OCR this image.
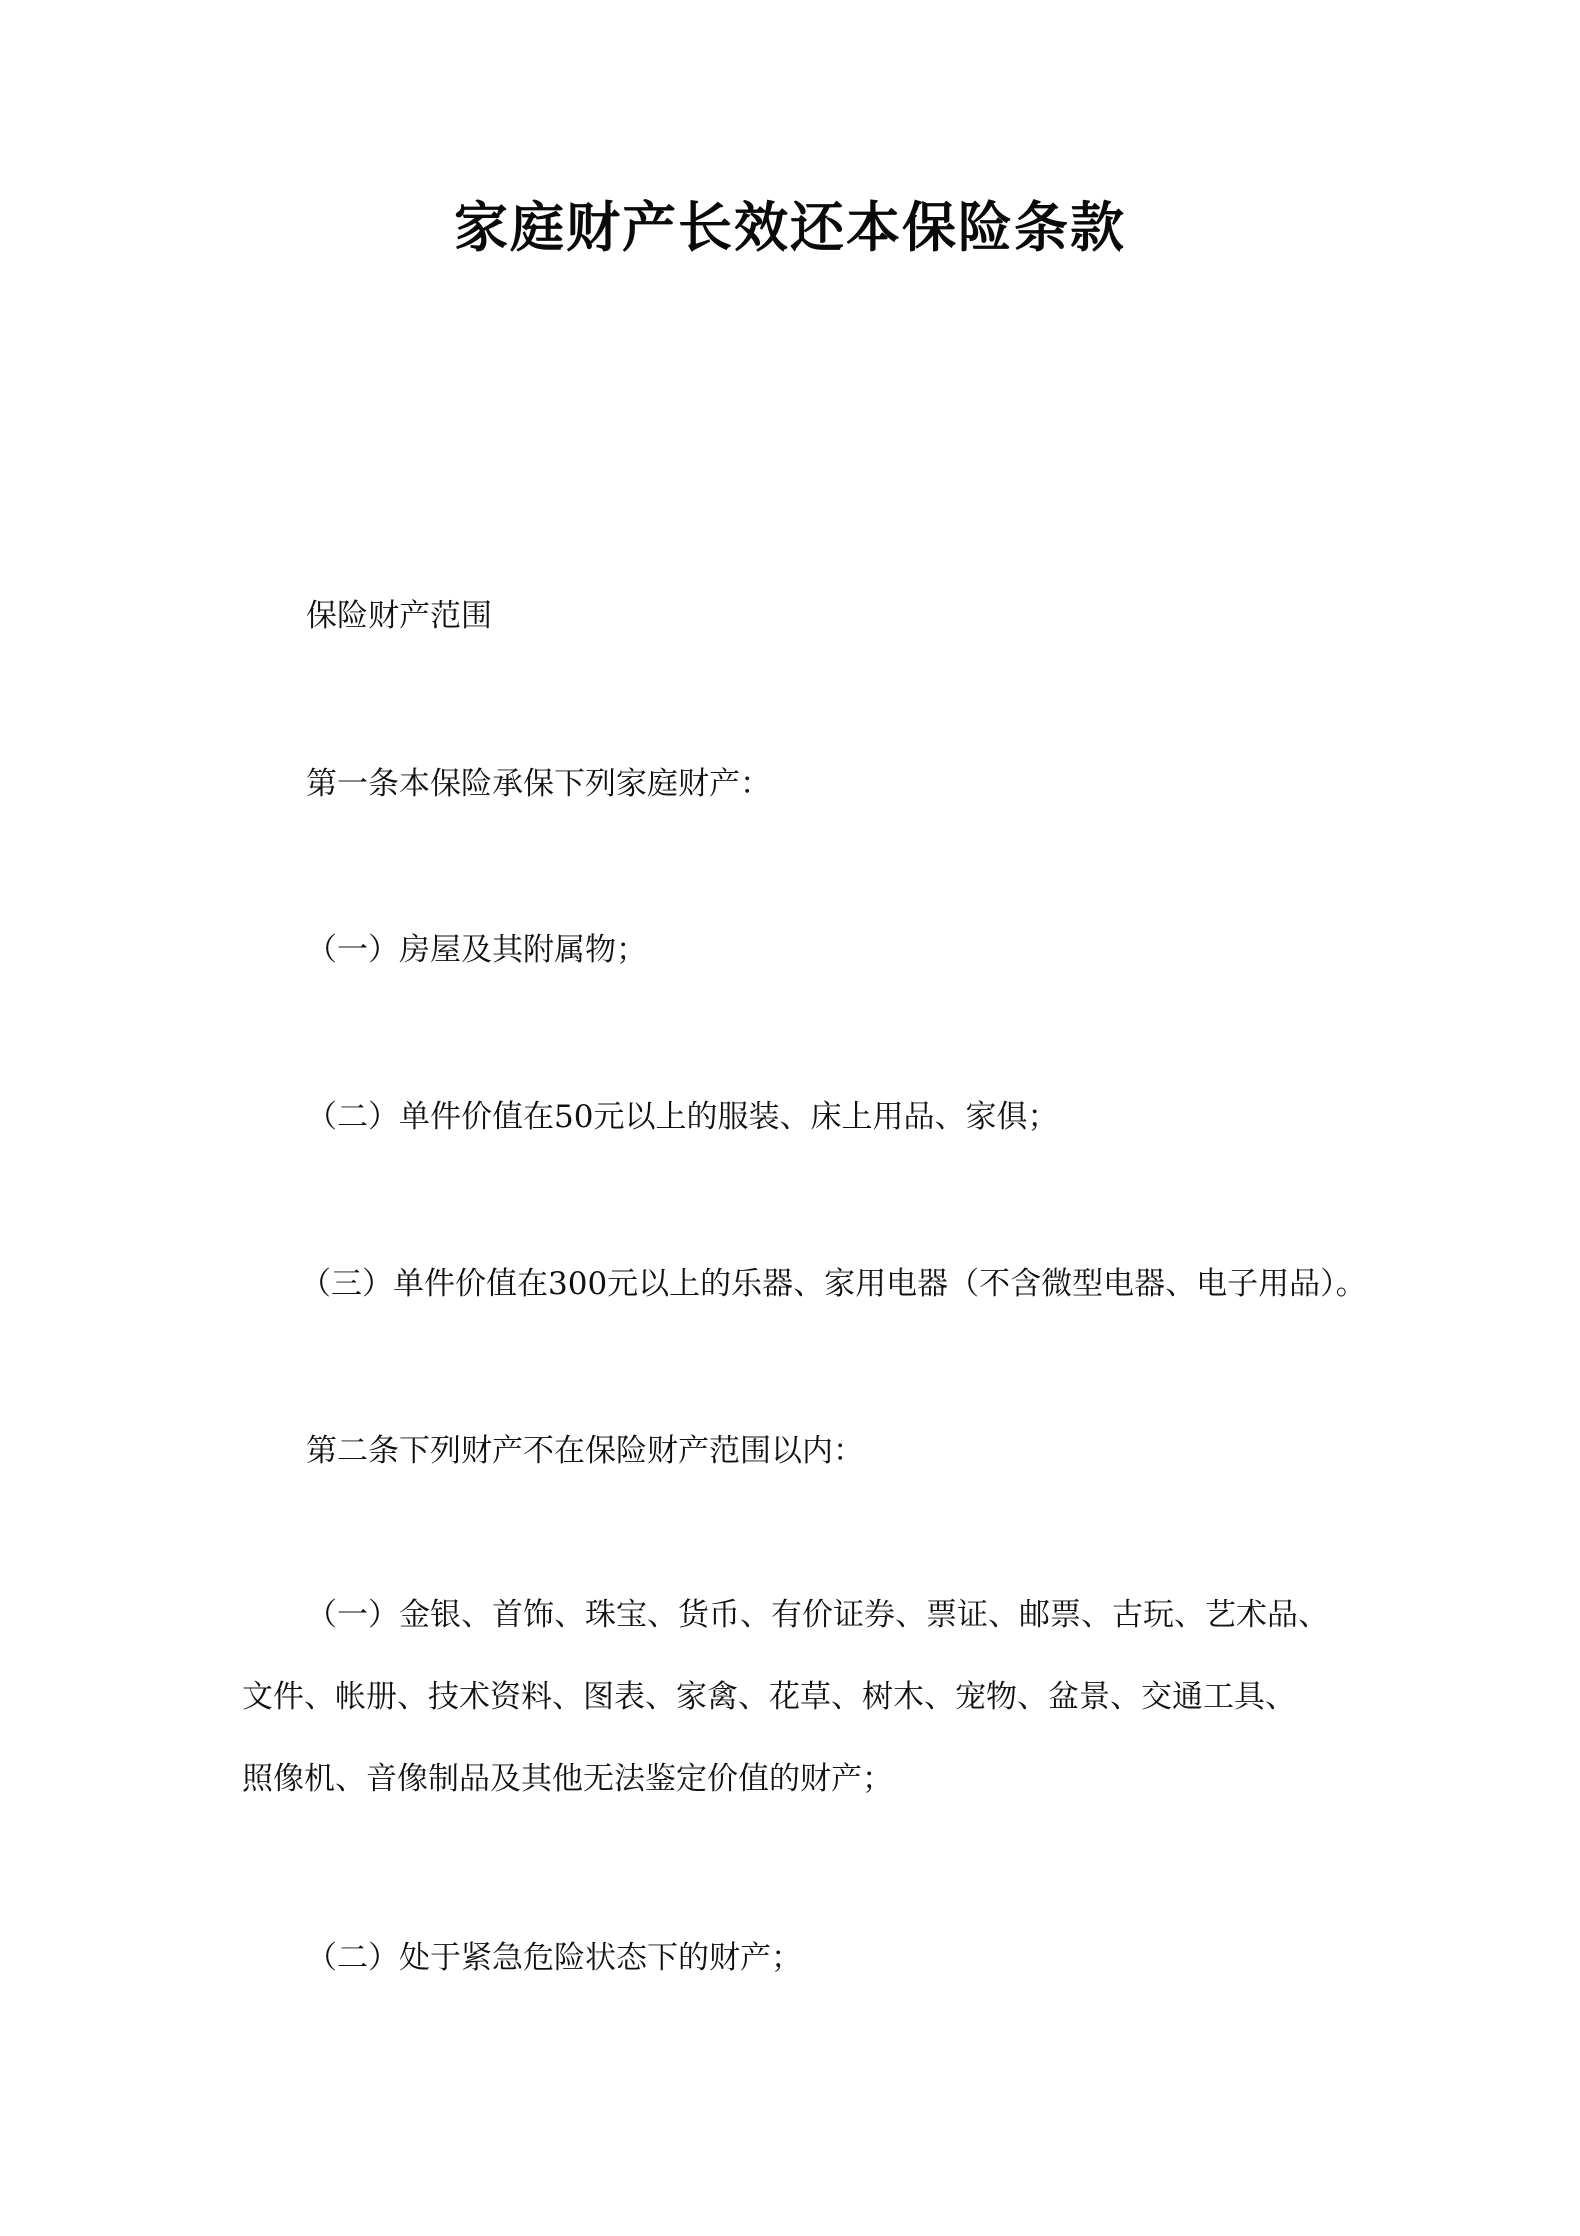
家庭财产长效还本保险条款
保险财产范围
第一条本保险承保下列家庭财产：
（一）房屋及其附属物；
（二）单件价值在50元以上的服装、床上用品、家俱；
（三）单件价值在300元以上的乐器、家用电器（不含微型电器、电子用品）。
第二条下列财产不在保险财产范围以内：
（一）金银、首饰、珠宝、货币、有价证券、票证、邮票、古玩、艺术品、
文件、帐册、技术资料、图表、家禽、花草、树木、宠物、盆景、交通工具、
照像机、音像制品及其他无法鉴定价值的财产；
（二）处于紧急危险状态下的财产；
